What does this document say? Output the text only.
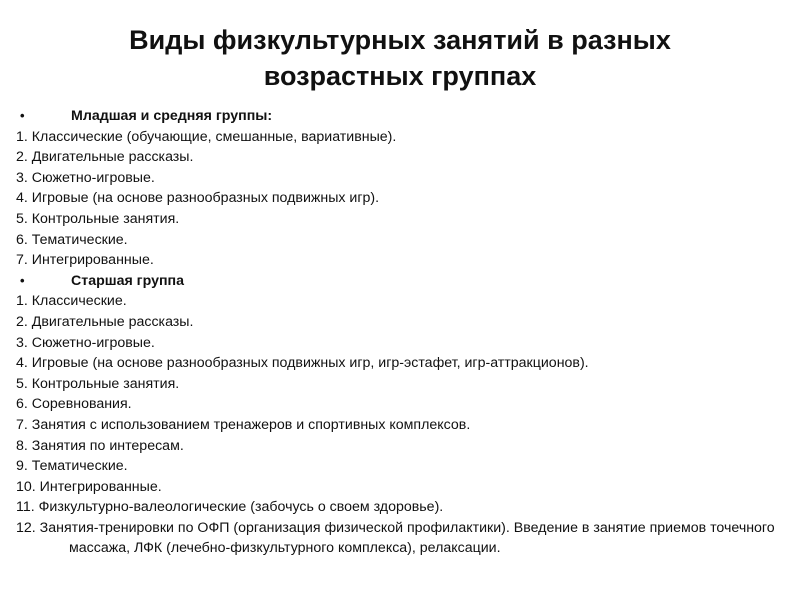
Виды физкультурных занятий в разных
возрастных группах
•	Младшая и средняя группы:
1. Классические (обучающие, смешанные, вариативные).
2. Двигательные рассказы.
3. Сюжетно-игровые.
4. Игровые (на основе разнообразных подвижных игр).
5. Контрольные занятия.
6. Тематические.
7. Интегрированные.
•	Старшая группа
1. Классические.
2. Двигательные рассказы.
3. Сюжетно-игровые.
4. Игровые (на основе разнообразных подвижных игр, игр-эстафет, игр-аттракционов).
5. Контрольные занятия.
6. Соревнования.
7. Занятия с использованием тренажеров и спортивных комплексов.
8. Занятия по интересам.
9. Тематические.
10. Интегрированные.
11. Физкультурно-валеологические (забочусь о своем здоровье).
12. Занятия-тренировки по ОФП (организация физической профилактики). Введение в занятие приемов точечного массажа, ЛФК (лечебно-физкультурного комплекса), релаксации.
